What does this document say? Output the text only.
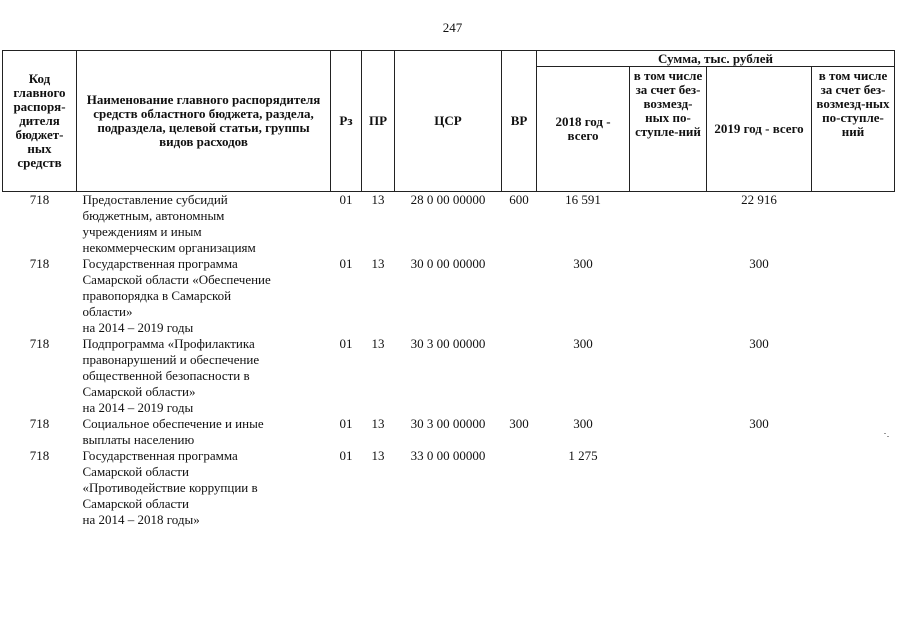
247
Код главного распоря-дителя бюджет-ных средств	Наименование главного распорядителя средств областного бюджета, раздела, подраздела, целевой статьи, группы видов расходов	Рз	ПР	ЦСР	ВР	Сумма, тыс. рублей			
						2018 год - всего	в том числе за счет без-возмезд-ных по-ступле-ний	2019 год - всего	в том числе за счет без-возмезд-ных по-ступле-ний
718	Предоставление субсидий
бюджетным, автономным
учреждениям и иным
некоммерческим организациям	01	13	28 0 00 00000	600	16 591		22 916	
718	Государственная программа
Самарской области «Обеспечение
правопорядка в Самарской
области»
на 2014 – 2019 годы	01	13	30 0 00 00000		300		300	
718	Подпрограмма «Профилактика
правонарушений и обеспечение
общественной безопасности в
Самарской области»
на 2014 – 2019 годы	01	13	30 3 00 00000		300		300	
718	Социальное обеспечение и иные
выплаты населению	01	13	30 3 00 00000	300	300		300	
718	Государственная программа
Самарской области
«Противодействие коррупции в
Самарской области
на 2014 – 2018 годы»	01	13	33 0 00 00000		1 275			
